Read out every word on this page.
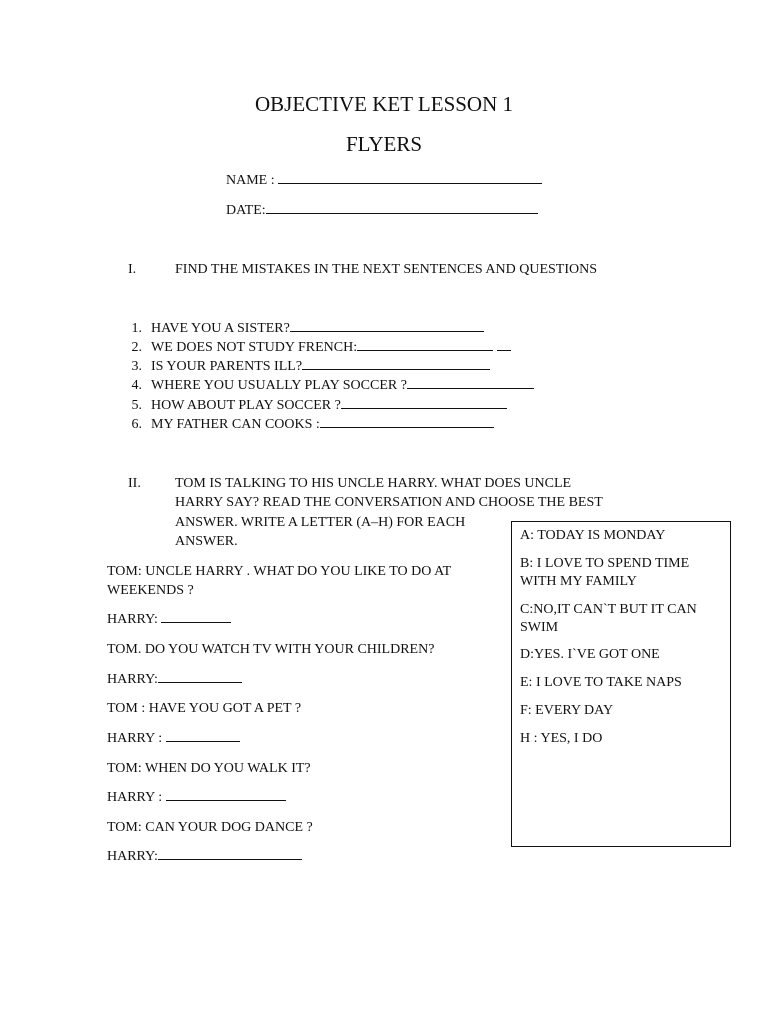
OBJECTIVE KET LESSON 1
FLYERS
NAME :
DATE:
I.	FIND THE MISTAKES IN THE NEXT SENTENCES AND QUESTIONS
1. HAVE YOU A SISTER?
2. WE DOES NOT STUDY FRENCH:
3. IS YOUR PARENTS ILL?
4. WHERE YOU USUALLY PLAY SOCCER ?
5. HOW ABOUT PLAY SOCCER ?
6. MY FATHER CAN COOKS :
II. TOM IS TALKING TO HIS UNCLE HARRY. WHAT DOES UNCLE
HARRY SAY? READ THE CONVERSATION AND CHOOSE THE BEST
ANSWER. WRITE A LETTER (A–H) FOR EACH
ANSWER.
TOM: UNCLE HARRY . WHAT DO YOU LIKE TO DO AT
WEEKENDS ?
HARRY:
TOM. DO YOU WATCH TV WITH YOUR CHILDREN?
HARRY:
TOM : HAVE YOU GOT A PET ?
HARRY :
TOM: WHEN DO YOU WALK IT?
HARRY :
TOM: CAN YOUR DOG DANCE ?
HARRY:
A: TODAY IS MONDAY
B: I LOVE TO SPEND TIME WITH MY FAMILY
C:NO,IT CAN`T BUT IT CAN SWIM
D:YES. I`VE GOT ONE
E: I LOVE TO TAKE NAPS
F: EVERY DAY
H : YES, I DO
